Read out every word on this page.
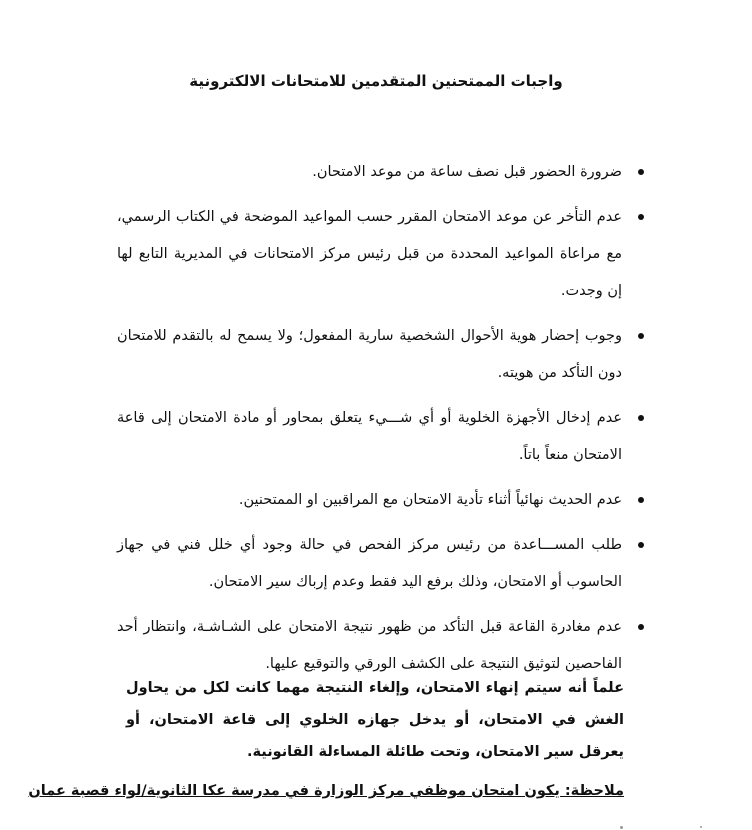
واجبات الممتحنين المتقدمين للامتحانات الالكترونية
ضرورة الحضور قبل نصف ساعة من موعد الامتحان.
عدم التأخر عن موعد الامتحان المقرر حسب المواعيد الموضحة في الكتاب الرسمي، مع مراعاة المواعيد المحددة من قبل رئيس مركز الامتحانات في المديرية التابع لها إن وجدت.
وجوب إحضار هوية الأحوال الشخصية سارية المفعول؛ ولا يسمح له بالتقدم للامتحان دون التأكد من هويته.
عدم إدخال الأجهزة الخلوية أو أي شـــيء يتعلق بمحاور أو مادة الامتحان إلى قاعة الامتحان منعاً باتاً.
عدم الحديث نهائياً أثناء تأدية الامتحان مع المراقبين او الممتحنين.
طلب المســـاعدة من رئيس مركز الفحص في حالة وجود أي خلل فني في جهاز الحاسوب أو الامتحان، وذلك برفع اليد فقط وعدم إرباك سير الامتحان.
عدم مغادرة القاعة قبل التأكد من ظهور نتيجة الامتحان على الشـاشـة، وانتظار أحد الفاحصين لتوثيق النتيجة على الكشف الورقي والتوقيع عليها.
علماً أنه سيتم إنهاء الامتحان، وإلغاء النتيجة مهما كانت لكل من يحاول الغش في الامتحان، أو يدخل جهازه الخلوي إلى قاعة الامتحان، أو يعرقل سير الامتحان، وتحت طائلة المساءلة القانونية.
ملاحظة: يكون امتحان موظفي مركز الوزارة في مدرسة عكا الثانوية/لواء قصبة عمان
